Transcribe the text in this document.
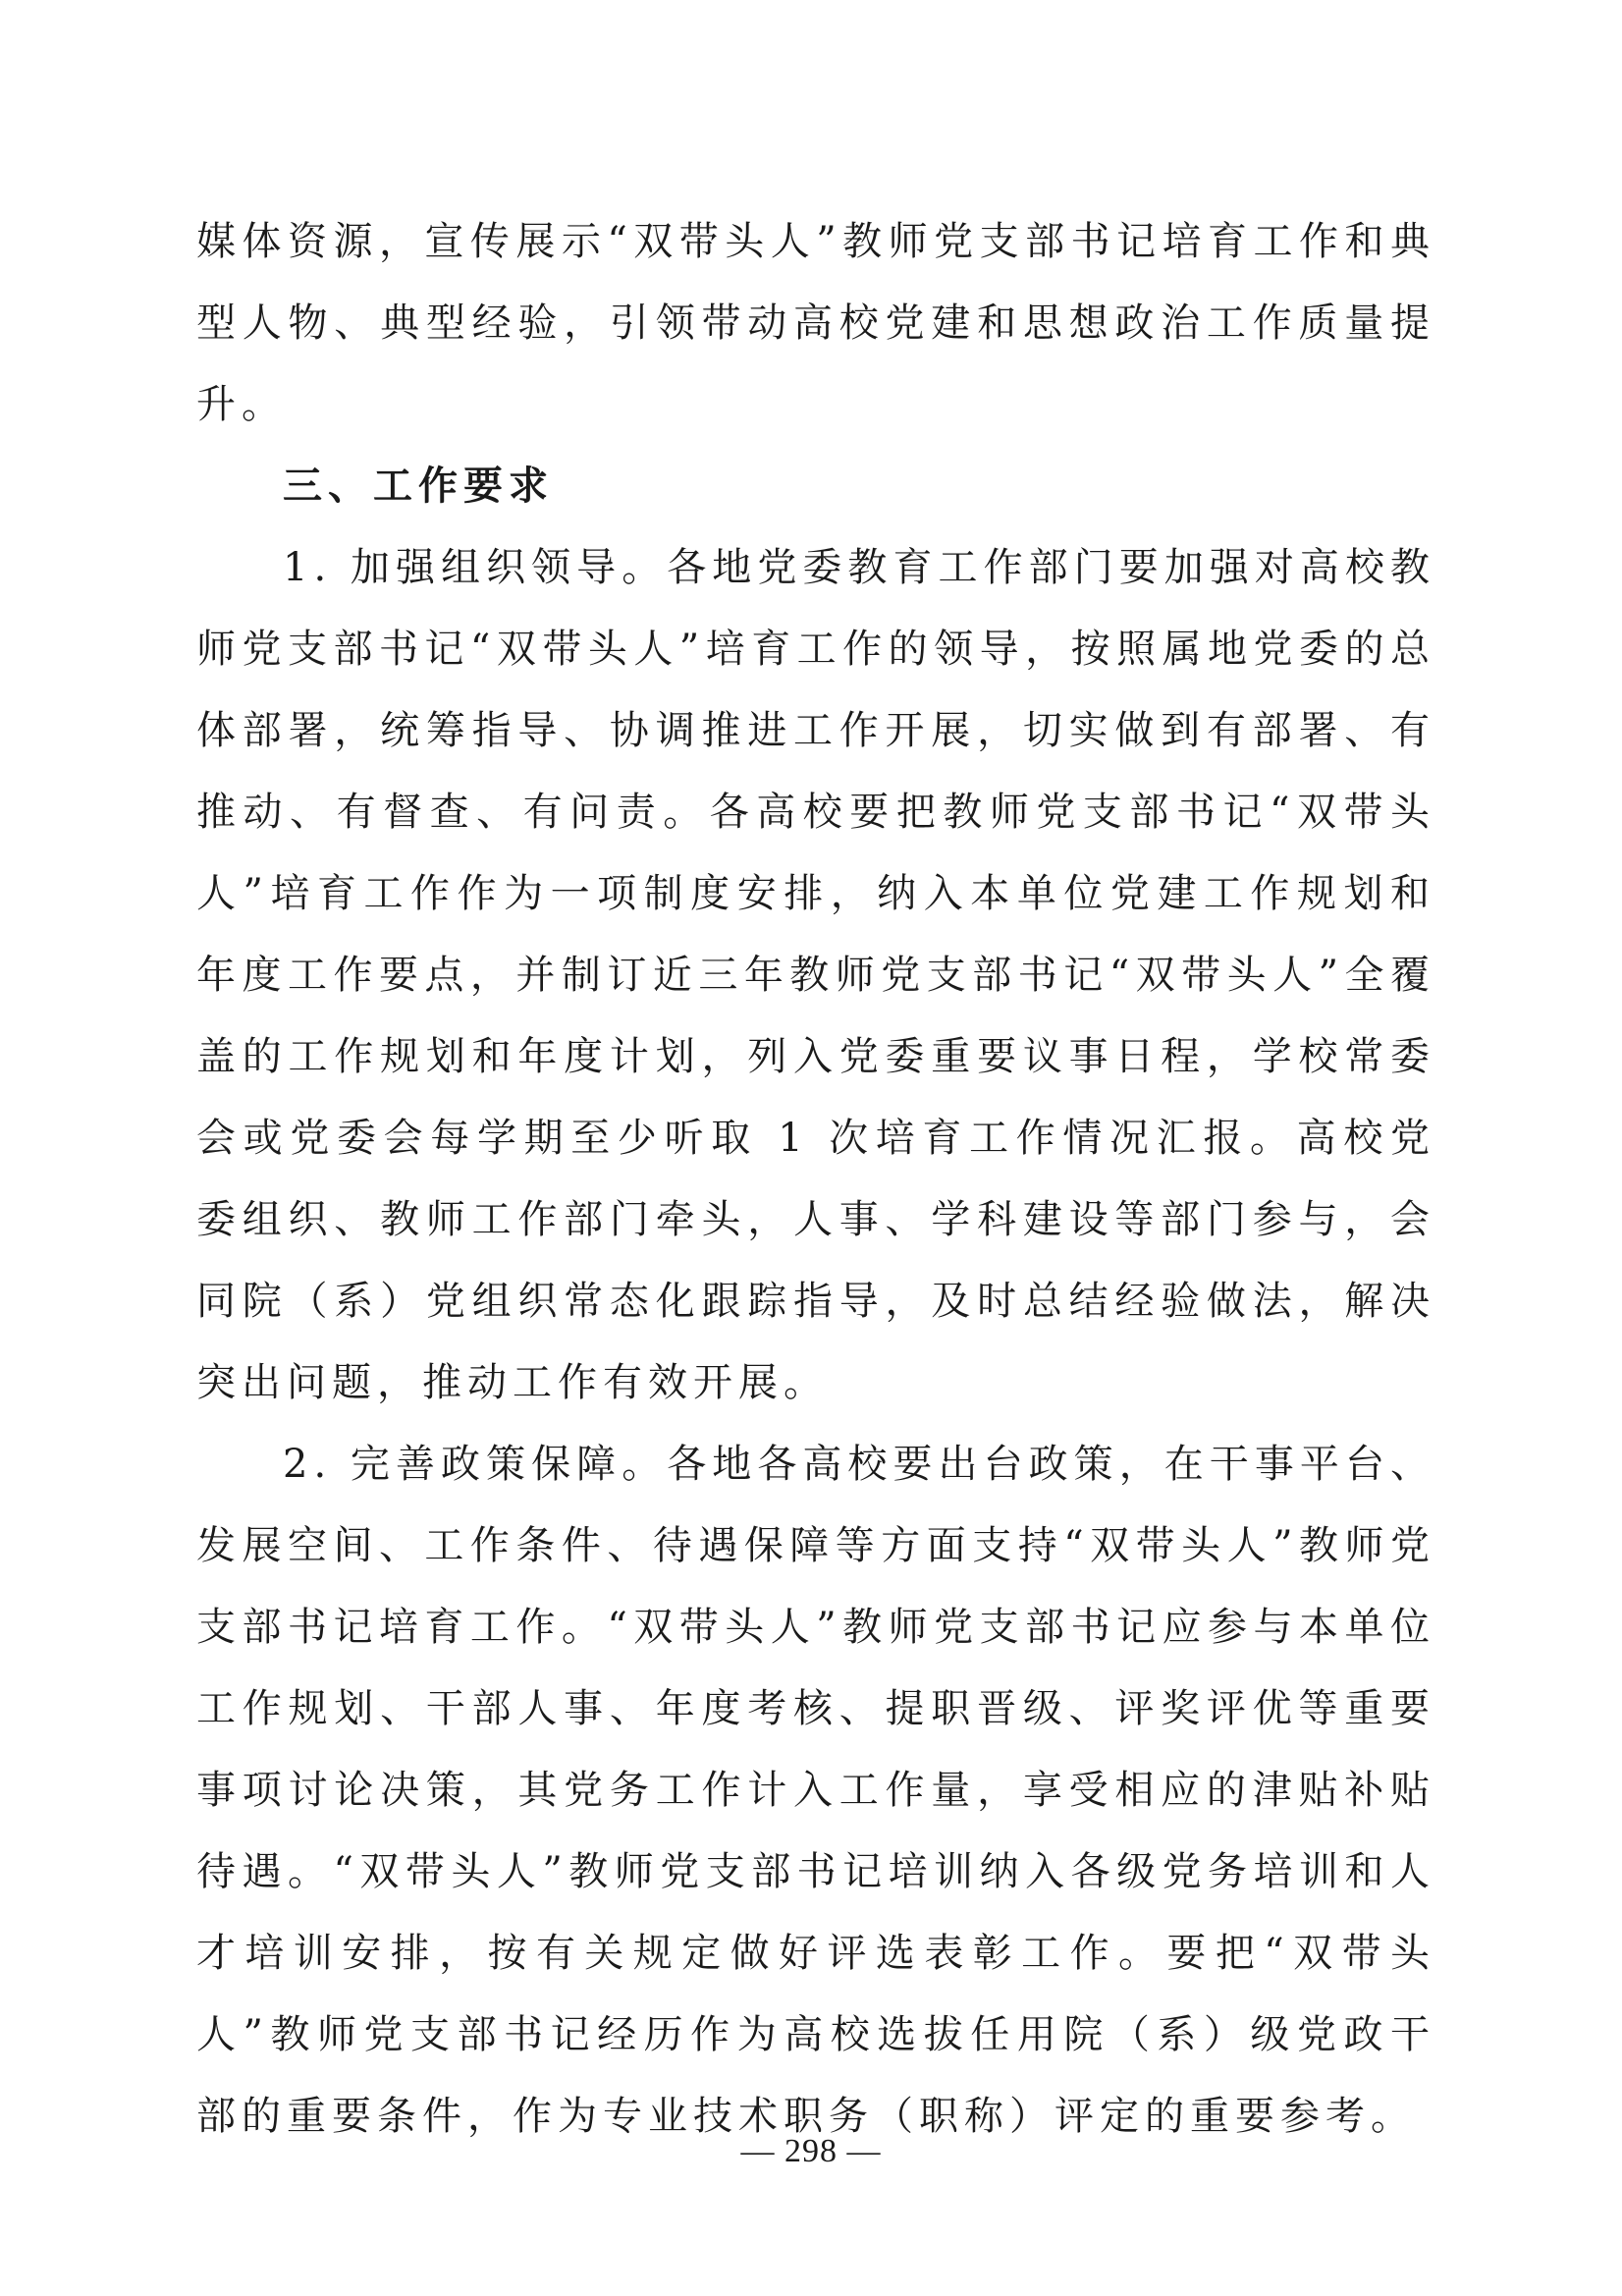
媒体资源，宣传展示“双带头人”教师党支部书记培育工作和典型人物、典型经验，引领带动高校党建和思想政治工作质量提升。

三、工作要求

1. 加强组织领导。各地党委教育工作部门要加强对高校教师党支部书记“双带头人”培育工作的领导，按照属地党委的总体部署，统筹指导、协调推进工作开展，切实做到有部署、有推动、有督查、有问责。各高校要把教师党支部书记“双带头人”培育工作作为一项制度安排，纳入本单位党建工作规划和年度工作要点，并制订近三年教师党支部书记“双带头人”全覆盖的工作规划和年度计划，列入党委重要议事日程，学校常委会或党委会每学期至少听取 1 次培育工作情况汇报。高校党委组织、教师工作部门牵头，人事、学科建设等部门参与，会同院（系）党组织常态化跟踪指导，及时总结经验做法，解决突出问题，推动工作有效开展。

2. 完善政策保障。各地各高校要出台政策，在干事平台、发展空间、工作条件、待遇保障等方面支持“双带头人”教师党支部书记培育工作。“双带头人”教师党支部书记应参与本单位工作规划、干部人事、年度考核、提职晋级、评奖评优等重要事项讨论决策，其党务工作计入工作量，享受相应的津贴补贴待遇。“双带头人”教师党支部书记培训纳入各级党务培训和人才培训安排，按有关规定做好评选表彰工作。要把“双带头人”教师党支部书记经历作为高校选拔任用院（系）级党政干部的重要条件，作为专业技术职务（职称）评定的重要参考。

— 298 —
